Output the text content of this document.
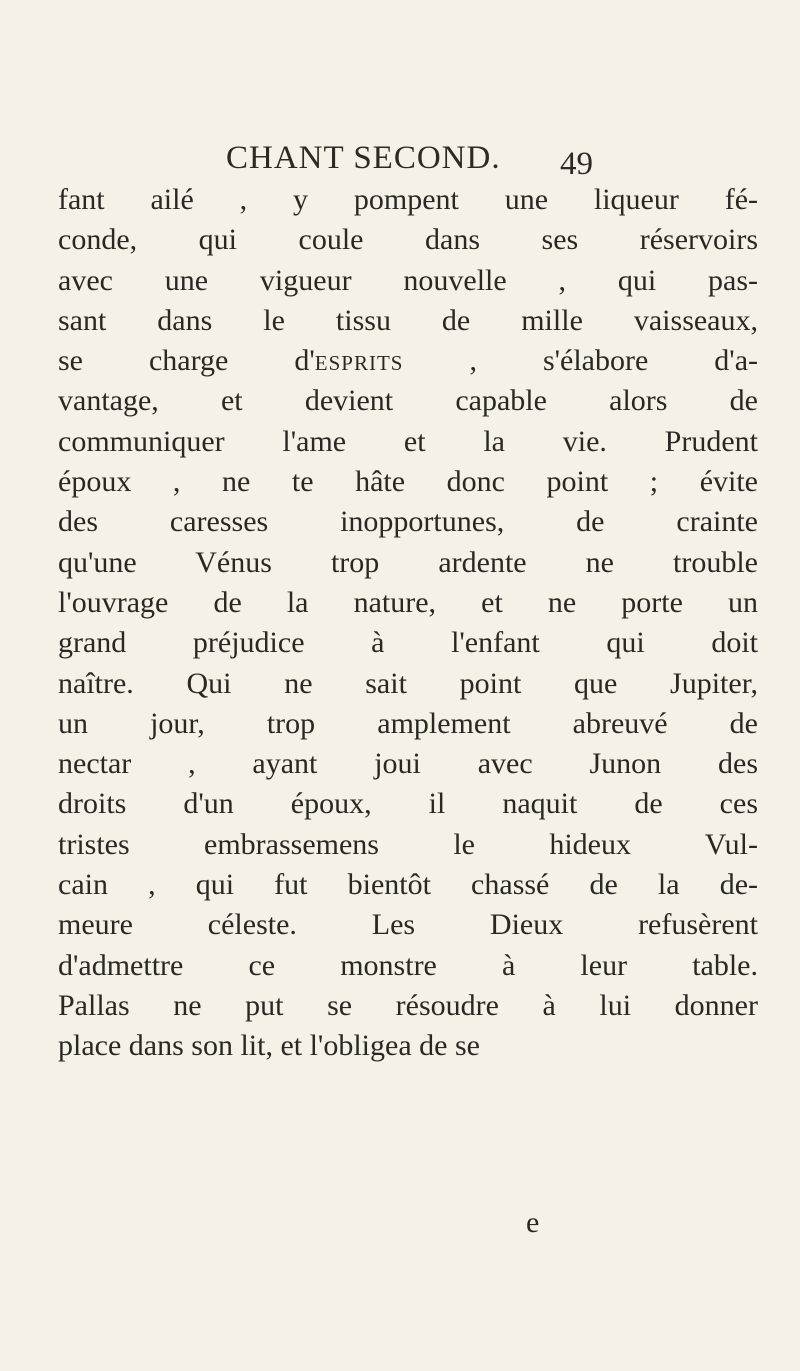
CHANT SECOND. 49
fant ailé , y pompent une liqueur fé-
conde, qui coule dans ses réservoirs
avec une vigueur nouvelle , qui pas-
sant dans le tissu de mille vaisseaux,
se charge d'esprits , s'élabore d'a-
vantage, et devient capable alors de
communiquer l'ame et la vie. Prudent
époux , ne te hâte donc point ; évite
des caresses inopportunes, de crainte
qu'une Vénus trop ardente ne trouble
l'ouvrage de la nature, et ne porte un
grand préjudice à l'enfant qui doit
naître. Qui ne sait point que Jupiter,
un jour, trop amplement abreuvé de
nectar , ayant joui avec Junon des
droits d'un époux, il naquit de ces
tristes embrassemens le hideux Vul-
cain , qui fut bientôt chassé de la de-
meure céleste. Les Dieux refusèrent
d'admettre ce monstre à leur table.
Pallas ne put se résoudre à lui donner
place dans son lit, et l'obligea de se
e
